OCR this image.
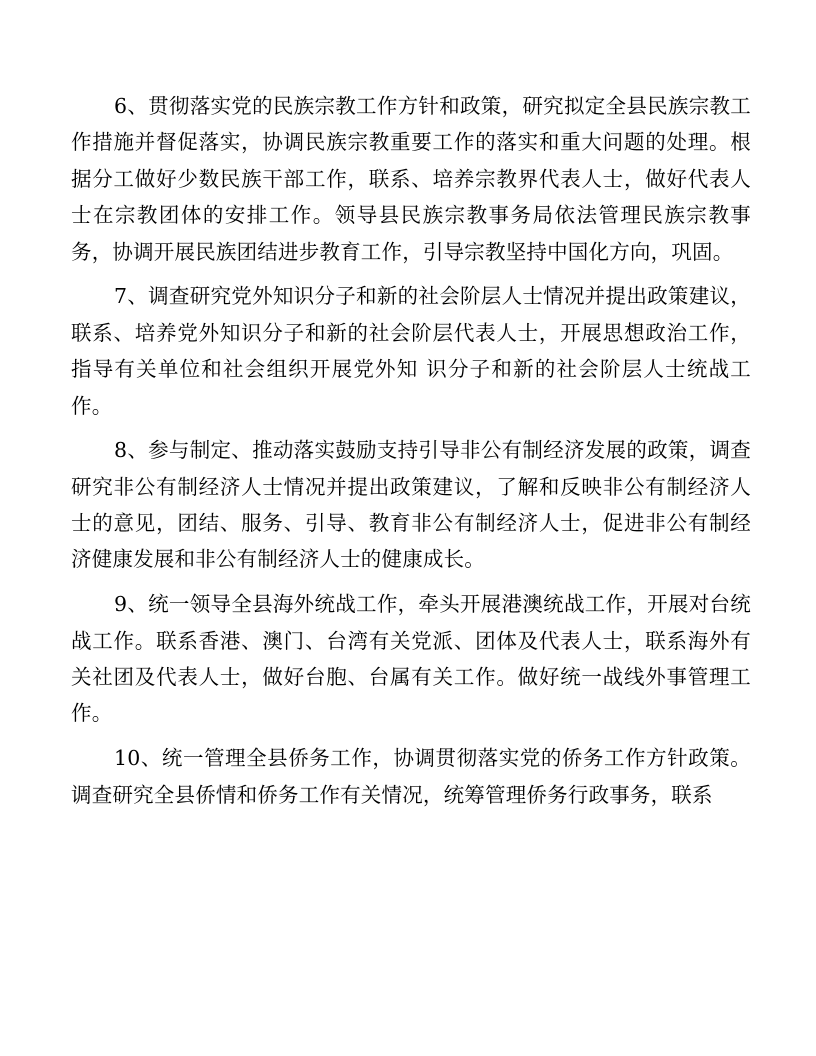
6、贯彻落实党的民族宗教工作方针和政策，研究拟定全县民族宗教工作措施并督促落实，协调民族宗教重要工作的落实和重大问题的处理。根据分工做好少数民族干部工作，联系、培养宗教界代表人士，做好代表人士在宗教团体的安排工作。领导县民族宗教事务局依法管理民族宗教事务，协调开展民族团结进步教育工作，引导宗教坚持中国化方向，巩固。

7、调查研究党外知识分子和新的社会阶层人士情况并提出政策建议，联系、培养党外知识分子和新的社会阶层代表人士，开展思想政治工作，指导有关单位和社会组织开展党外知 识分子和新的社会阶层人士统战工作。

8、参与制定、推动落实鼓励支持引导非公有制经济发展的政策，调查研究非公有制经济人士情况并提出政策建议，了解和反映非公有制经济人士的意见，团结、服务、引导、教育非公有制经济人士，促进非公有制经济健康发展和非公有制经济人士的健康成长。

9、统一领导全县海外统战工作，牵头开展港澳统战工作，开展对台统战工作。联系香港、澳门、台湾有关党派、团体及代表人士，联系海外有关社团及代表人士，做好台胞、台属有关工作。做好统一战线外事管理工作。

10、统一管理全县侨务工作，协调贯彻落实党的侨务工作方针政策。调查研究全县侨情和侨务工作有关情况，统筹管理侨务行政事务，联系
